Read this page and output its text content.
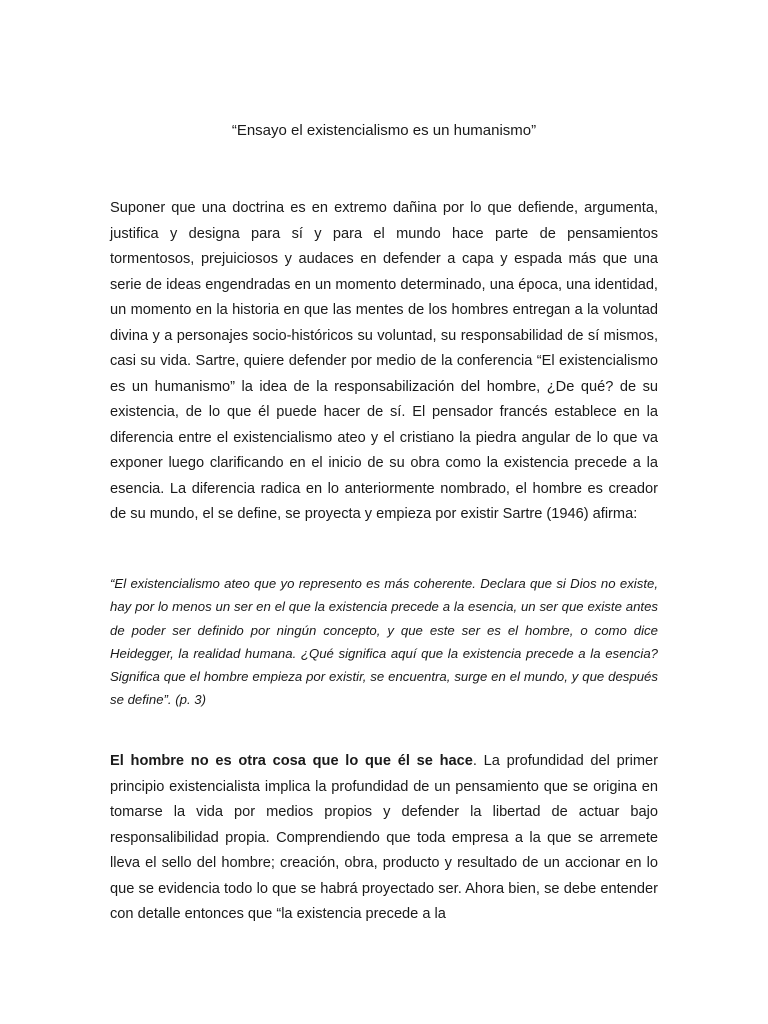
“Ensayo el existencialismo es un humanismo”

Suponer que una doctrina es en extremo dañina por lo que defiende, argumenta, justifica y designa para sí y para el mundo hace parte de pensamientos tormentosos, prejuiciosos y audaces en defender a capa y espada más que una serie de ideas engendradas en un momento determinado, una época, una identidad, un momento en la historia en que las mentes de los hombres entregan a la voluntad divina y a personajes socio-históricos su voluntad, su responsabilidad de sí mismos, casi su vida. Sartre, quiere defender por medio de la conferencia “El existencialismo es un humanismo” la idea de la responsabilización del hombre, ¿De qué? de su existencia, de lo que él puede hacer de sí. El pensador francés establece en la diferencia entre el existencialismo ateo y el cristiano la piedra angular de lo que va exponer luego clarificando en el inicio de su obra como la existencia precede a la esencia. La diferencia radica en lo anteriormente nombrado, el hombre es creador de su mundo, el se define, se proyecta y empieza por existir Sartre (1946) afirma:

“El existencialismo ateo que yo represento es más coherente. Declara que si Dios no existe, hay por lo menos un ser en el que la existencia precede a la esencia, un ser que existe antes de poder ser definido por ningún concepto, y que este ser es el hombre, o como dice Heidegger, la realidad humana. ¿Qué significa aquí que la existencia precede a la esencia? Significa que el hombre empieza por existir, se encuentra, surge en el mundo, y que después se define”. (p. 3)

El hombre no es otra cosa que lo que él se hace. La profundidad del primer principio existencialista implica la profundidad de un pensamiento que se origina en tomarse la vida por medios propios y defender la libertad de actuar bajo responsalibilidad propia. Comprendiendo que toda empresa a la que se arremete lleva el sello del hombre; creación, obra, producto y resultado de un accionar en lo que se evidencia todo lo que se habrá proyectado ser. Ahora bien, se debe entender con detalle entonces que “la existencia precede a la
